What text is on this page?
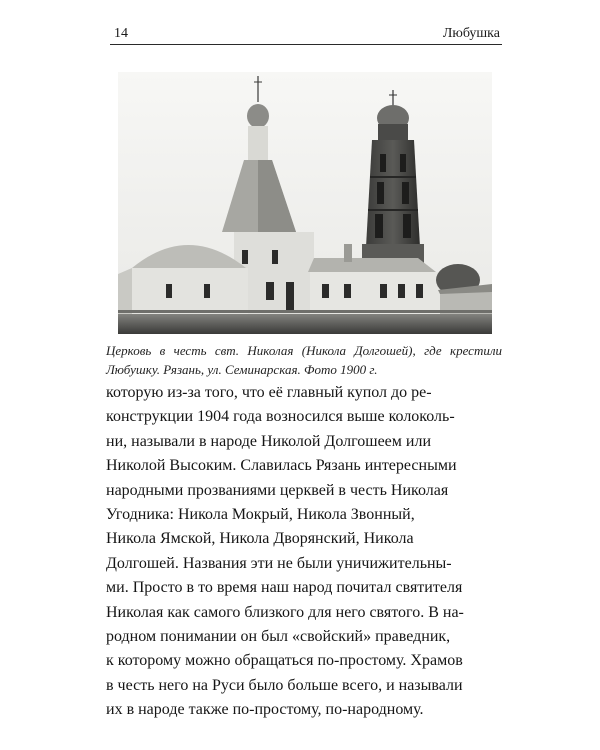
14	Любушка
Церковь в честь свт. Николая (Никола Долгошей), где крестили Любушку. Рязань, ул. Семинарская. Фото 1900 г.
которую из-за того, что её главный купол до ре-
конструкции 1904 года возносился выше колоколь-
ни, называли в народе Николой Долгошеем или
Николой Высоким. Славилась Рязань интересными
народными прозваниями церквей в честь Николая
Угодника: Никола Мокрый, Никола Звонный,
Никола Ямской, Никола Дворянский, Никола
Долгошей. Названия эти не были уничижительны-
ми. Просто в то время наш народ почитал святителя
Николая как самого близкого для него святого. В на-
родном понимании он был «свойский» праведник,
к которому можно обращаться по-простому. Храмов
в честь него на Руси было больше всего, и называли
их в народе также по-простому, по-народному.
